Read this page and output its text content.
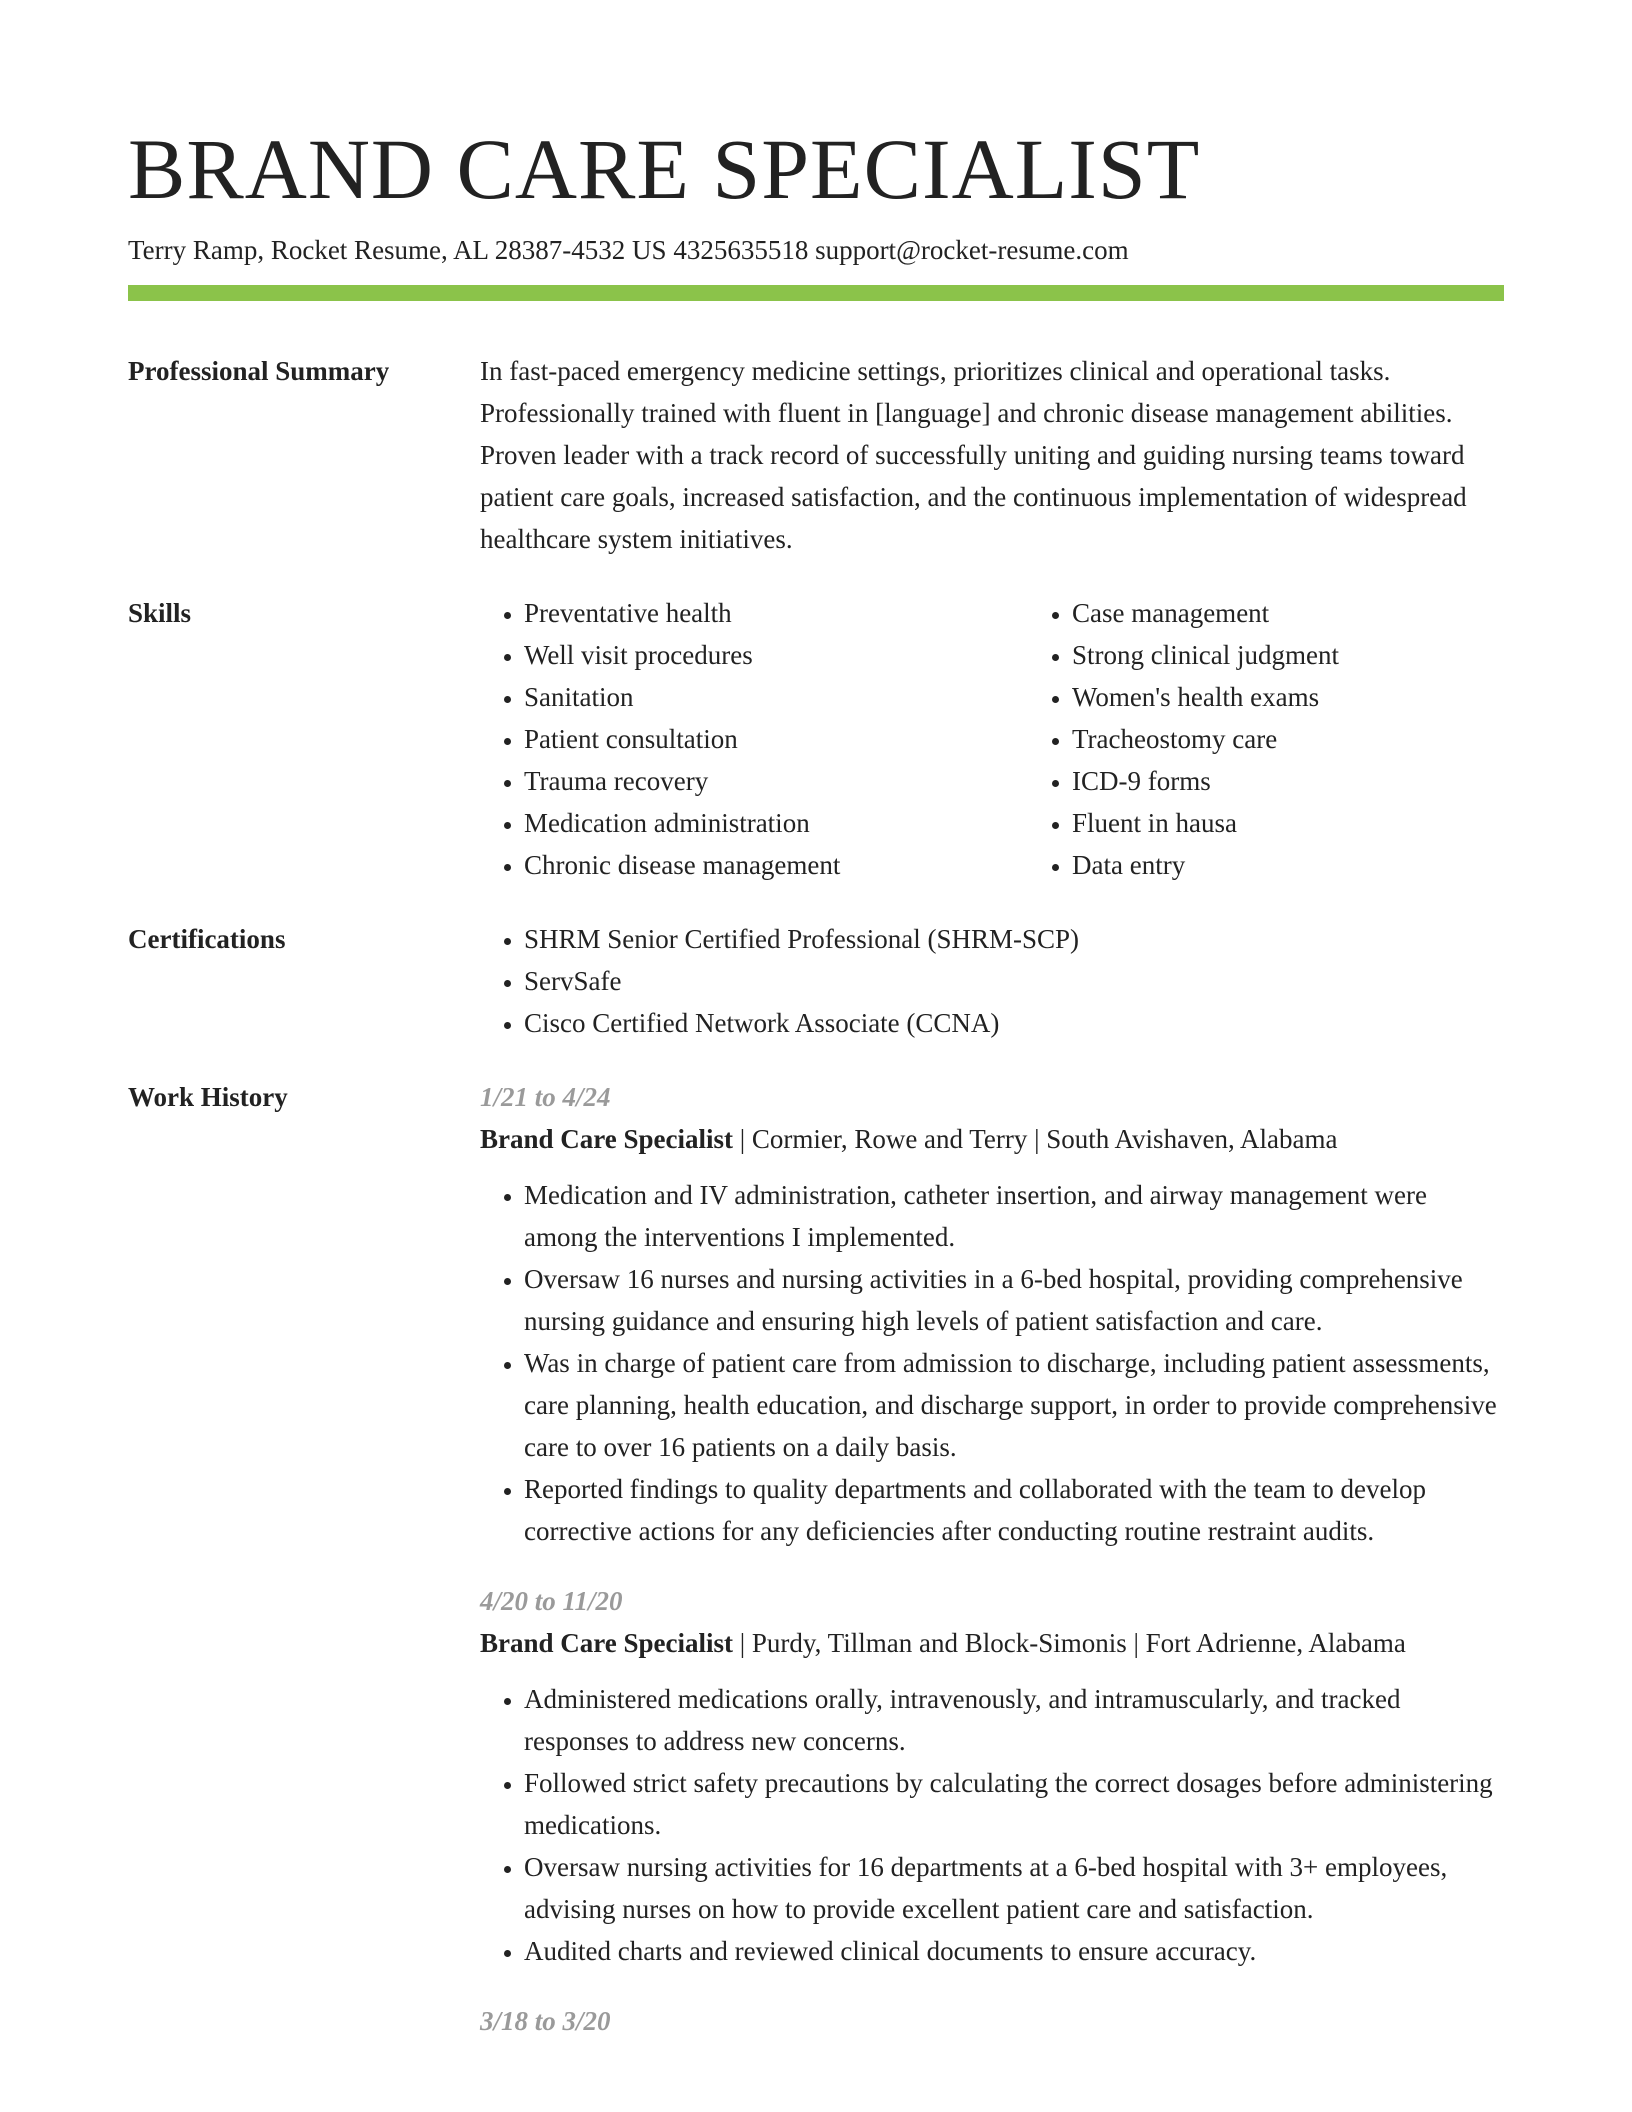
BRAND CARE SPECIALIST
Terry Ramp, Rocket Resume, AL 28387-4532 US 4325635518 support@rocket-resume.com
Professional Summary	In fast-paced emergency medicine settings, prioritizes clinical and operational tasks. Professionally trained with fluent in [language] and chronic disease management abilities. Proven leader with a track record of successfully uniting and guiding nursing teams toward patient care goals, increased satisfaction, and the continuous implementation of widespread healthcare system initiatives.

Skills	• Preventative health
• Well visit procedures
• Sanitation
• Patient consultation
• Trauma recovery
• Medication administration
• Chronic disease management
• Case management
• Strong clinical judgment
• Women's health exams
• Tracheostomy care
• ICD-9 forms
• Fluent in hausa
• Data entry
Certifications	• SHRM Senior Certified Professional (SHRM-SCP)
• ServSafe
• Cisco Certified Network Associate (CCNA)
Work History	1/21 to 4/24
Brand Care Specialist | Cormier, Rowe and Terry | South Avishaven, Alabama
• Medication and IV administration, catheter insertion, and airway management were among the interventions I implemented.
• Oversaw 16 nurses and nursing activities in a 6-bed hospital, providing comprehensive nursing guidance and ensuring high levels of patient satisfaction and care.
• Was in charge of patient care from admission to discharge, including patient assessments, care planning, health education, and discharge support, in order to provide comprehensive care to over 16 patients on a daily basis.
• Reported findings to quality departments and collaborated with the team to develop corrective actions for any deficiencies after conducting routine restraint audits.
4/20 to 11/20
Brand Care Specialist | Purdy, Tillman and Block-Simonis | Fort Adrienne, Alabama
• Administered medications orally, intravenously, and intramuscularly, and tracked responses to address new concerns.
• Followed strict safety precautions by calculating the correct dosages before administering medications.
• Oversaw nursing activities for 16 departments at a 6-bed hospital with 3+ employees, advising nurses on how to provide excellent patient care and satisfaction.
• Audited charts and reviewed clinical documents to ensure accuracy.
3/18 to 3/20
